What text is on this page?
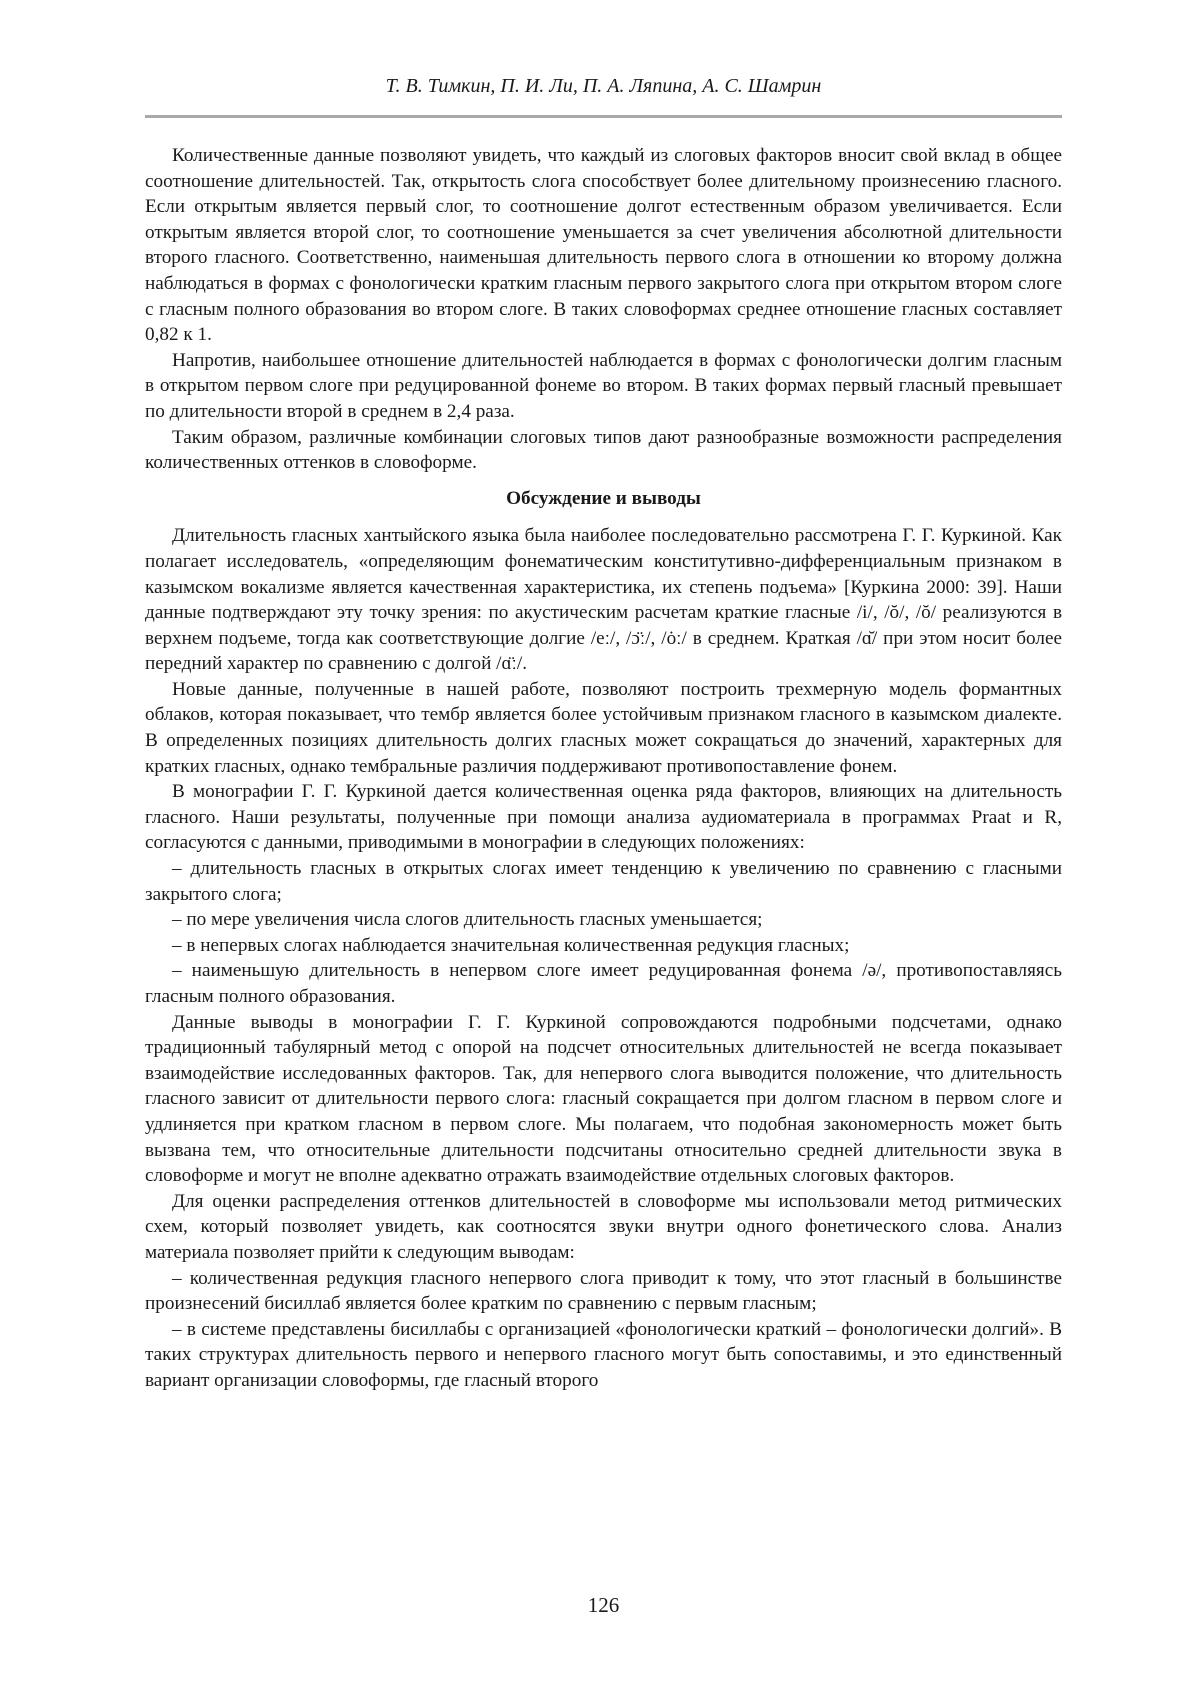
Т. В. Тимкин, П. И. Ли, П. А. Ляпина, А. С. Шамрин

Количественные данные позволяют увидеть, что каждый из слоговых факторов вносит свой вклад в общее соотношение длительностей. Так, открытость слога способствует более длительному произнесению гласного. Если открытым является первый слог, то соотношение долгот естественным образом увеличивается. Если открытым является второй слог, то соотношение уменьшается за счет увеличения абсолютной длительности второго гласного. Соответственно, наименьшая длительность первого слога в отношении ко второму должна наблюдаться в формах с фонологически кратким гласным первого закрытого слога при открытом втором слоге с гласным полного образования во втором слоге. В таких словоформах среднее отношение гласных составляет 0,82 к 1.

Напротив, наибольшее отношение длительностей наблюдается в формах с фонологически долгим гласным в открытом первом слоге при редуцированной фонеме во втором. В таких формах первый гласный превышает по длительности второй в среднем в 2,4 раза.

Таким образом, различные комбинации слоговых типов дают разнообразные возможности распределения количественных оттенков в словоформе.

Обсуждение и выводы

Длительность гласных хантыйского языка была наиболее последовательно рассмотрена Г. Г. Куркиной. Как полагает исследователь, «определяющим фонематическим конститутивно-дифференциальным признаком в казымском вокализме является качественная характеристика, их степень подъема» [Куркина 2000: 39]. Наши данные подтверждают эту точку зрения: по акустическим расчетам краткие гласные /i/, /ŏ/, /ŏ/ реализуются в верхнем подъеме, тогда как соответствующие долгие /eː/, /ɔ̈ː/, /ȯː/ в среднем. Краткая /ɑ̆/ при этом носит более передний характер по сравнению с долгой /ɑ̈ː/.

Новые данные, полученные в нашей работе, позволяют построить трехмерную модель формантных облаков, которая показывает, что тембр является более устойчивым признаком гласного в казымском диалекте. В определенных позициях длительность долгих гласных может сокращаться до значений, характерных для кратких гласных, однако тембральные различия поддерживают противопоставление фонем.

В монографии Г. Г. Куркиной дается количественная оценка ряда факторов, влияющих на длительность гласного. Наши результаты, полученные при помощи анализа аудиоматериала в программах Praat и R, согласуются с данными, приводимыми в монографии в следующих положениях:

– длительность гласных в открытых слогах имеет тенденцию к увеличению по сравнению с гласными закрытого слога;

– по мере увеличения числа слогов длительность гласных уменьшается;

– в непервых слогах наблюдается значительная количественная редукция гласных;

– наименьшую длительность в непервом слоге имеет редуцированная фонема /ə/, противопоставляясь гласным полного образования.

Данные выводы в монографии Г. Г. Куркиной сопровождаются подробными подсчетами, однако традиционный табулярный метод с опорой на подсчет относительных длительностей не всегда показывает взаимодействие исследованных факторов. Так, для непервого слога выводится положение, что длительность гласного зависит от длительности первого слога: гласный сокращается при долгом гласном в первом слоге и удлиняется при кратком гласном в первом слоге. Мы полагаем, что подобная закономерность может быть вызвана тем, что относительные длительности подсчитаны относительно средней длительности звука в словоформе и могут не вполне адекватно отражать взаимодействие отдельных слоговых факторов.

Для оценки распределения оттенков длительностей в словоформе мы использовали метод ритмических схем, который позволяет увидеть, как соотносятся звуки внутри одного фонетического слова. Анализ материала позволяет прийти к следующим выводам:

– количественная редукция гласного непервого слога приводит к тому, что этот гласный в большинстве произнесений бисиллаб является более кратким по сравнению с первым гласным;

– в системе представлены бисиллабы с организацией «фонологически краткий – фонологически долгий». В таких структурах длительность первого и непервого гласного могут быть сопоставимы, и это единственный вариант организации словоформы, где гласный второго

126
